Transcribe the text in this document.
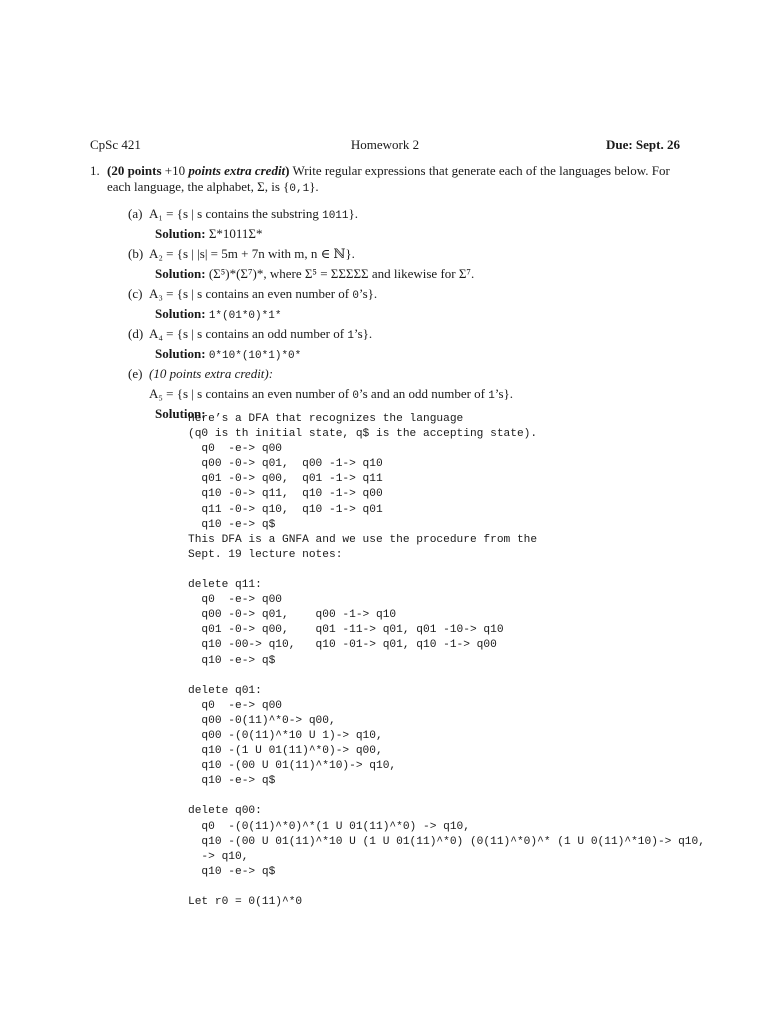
CpSc 421	Homework 2	Due: Sept. 26
1. (20 points +10 points extra credit) Write regular expressions that generate each of the languages below. For

each language, the alphabet, Σ, is {0,1}.

(a) A₁ = {s | s contains the substring 1011}.
Solution: Σ*1011Σ*
(b) A₂ = {s | |s| = 5m + 7n with m, n ∈ ℕ}.
Solution: (Σ⁵)*(Σ⁷)*, where Σ⁵ = ΣΣΣΣΣ and likewise for Σ⁷.
(c) A₃ = {s | s contains an even number of 0’s}.
Solution: 1*(01*0)*1*
(d) A₄ = {s | s contains an odd number of 1’s}.
Solution: 0*10*(10*1)*0*
(e) (10 points extra credit):
A₅ = {s | s contains an even number of 0’s and an odd number of 1’s}.
Solution:
Here’s a DFA that recognizes the language
(q0 is th initial state, q$ is the accepting state).
q0  -e-> q00
q00 -0-> q01,  q00 -1-> q10
q01 -0-> q00,  q01 -1-> q11
q10 -0-> q11,  q10 -1-> q00
q11 -0-> q10,  q10 -1-> q01
q10 -e-> q$
This DFA is a GNFA and we use the procedure from the
Sept. 19 lecture notes:

delete q11:
q0  -e-> q00
q00 -0-> q01,    q00 -1-> q10
q01 -0-> q00,    q01 -11-> q01, q01 -10-> q10
q10 -00-> q10,   q10 -01-> q01, q10 -1-> q00
q10 -e-> q$

delete q01:
q0  -e-> q00
q00 -0(11)^*0-> q00,
q00 -(0(11)^*10 U 1)-> q10,
q10 -(1 U 01(11)^*0)-> q00,
q10 -(00 U 01(11)^*10)-> q10,
q10 -e-> q$

delete q00:
q0  -(0(11)^*0)^*(1 U 01(11)^*0) -> q10,
q10 -(00 U 01(11)^*10 U (1 U 01(11)^*0) (0(11)^*0)^* (1 U 0(11)^*10)-> q10,
-> q10,
q10 -e-> q$

Let r0 = 0(11)^*0
